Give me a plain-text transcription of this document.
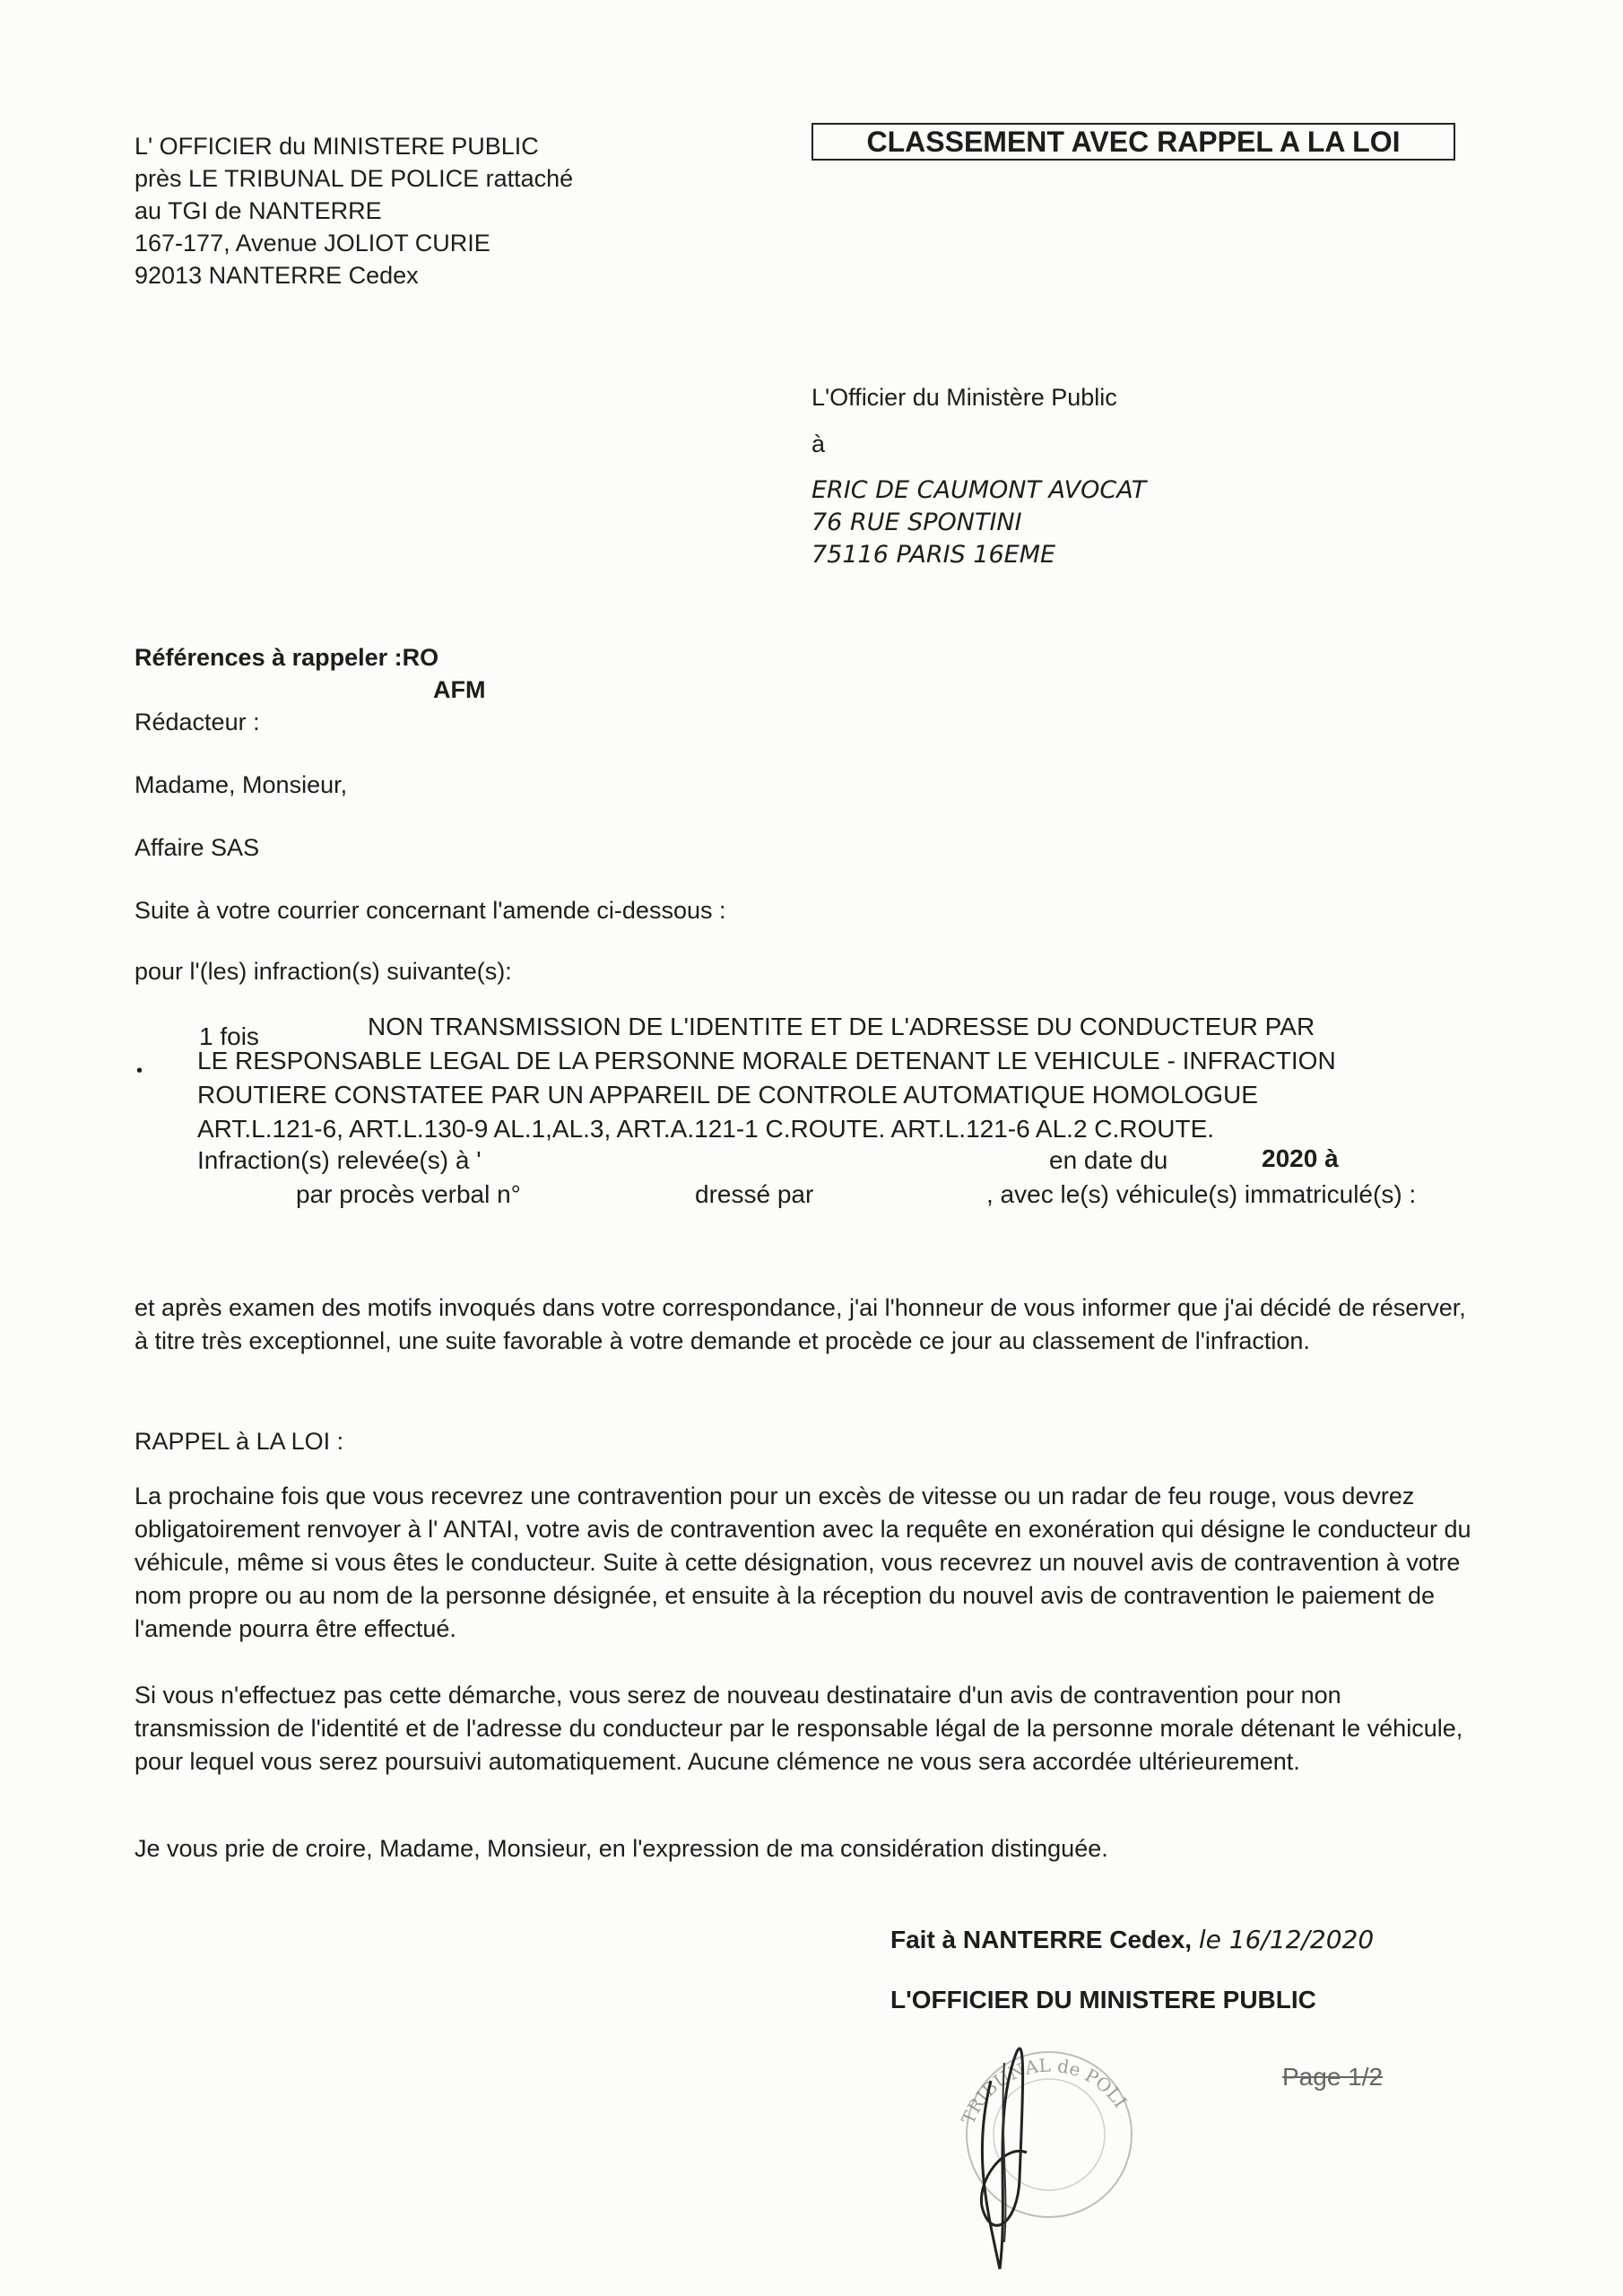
L' OFFICIER du MINISTERE PUBLIC
près LE TRIBUNAL DE POLICE rattaché
au TGI de NANTERRE
167-177, Avenue JOLIOT CURIE
92013 NANTERRE Cedex
CLASSEMENT AVEC RAPPEL A LA LOI
L'Officier du Ministère Public
à
ERIC DE CAUMONT AVOCAT
76 RUE SPONTINI
75116 PARIS 16EME
Références à rappeler :RO
AFM
Rédacteur :
Madame, Monsieur,
Affaire SAS
Suite à votre courrier concernant l'amende ci-dessous :
pour l'(les) infraction(s) suivante(s):
1 fois
•
NON TRANSMISSION DE L'IDENTITE ET DE L'ADRESSE DU CONDUCTEUR PAR
LE RESPONSABLE LEGAL DE LA PERSONNE MORALE DETENANT LE VEHICULE - INFRACTION
ROUTIERE CONSTATEE PAR UN APPAREIL DE CONTROLE AUTOMATIQUE HOMOLOGUE
ART.L.121-6, ART.L.130-9 AL.1,AL.3, ART.A.121-1 C.ROUTE. ART.L.121-6 AL.2 C.ROUTE.
Infraction(s) relevée(s) à '	en date du	2020 à
par procès verbal n°	dressé par	, avec le(s) véhicule(s) immatriculé(s) :
et après examen des motifs invoqués dans votre correspondance, j'ai l'honneur de vous informer que j'ai décidé de réserver, à titre très exceptionnel, une suite favorable à votre demande et procède ce jour au classement de l'infraction.
RAPPEL à LA LOI :
La prochaine fois que vous recevrez une contravention pour un excès de vitesse ou un radar de feu rouge, vous devrez obligatoirement renvoyer à l' ANTAI, votre avis de contravention avec la requête en exonération qui désigne le conducteur du véhicule, même si vous êtes le conducteur. Suite à cette désignation, vous recevrez un nouvel avis de contravention à votre nom propre ou au nom de la personne désignée, et ensuite à la réception du nouvel avis de contravention le paiement de l'amende pourra être effectué.
Si vous n'effectuez pas cette démarche, vous serez de nouveau destinataire d'un avis de contravention pour non transmission de l'identité et de l'adresse du conducteur par le responsable légal de la personne morale détenant le véhicule, pour lequel vous serez poursuivi automatiquement. Aucune clémence ne vous sera accordée ultérieurement.
Je vous prie de croire, Madame, Monsieur, en l'expression de ma considération distinguée.
Fait à NANTERRE Cedex, le 16/12/2020
L'OFFICIER DU MINISTERE PUBLIC
TRIBUNAL de POLI
Page 1/2
